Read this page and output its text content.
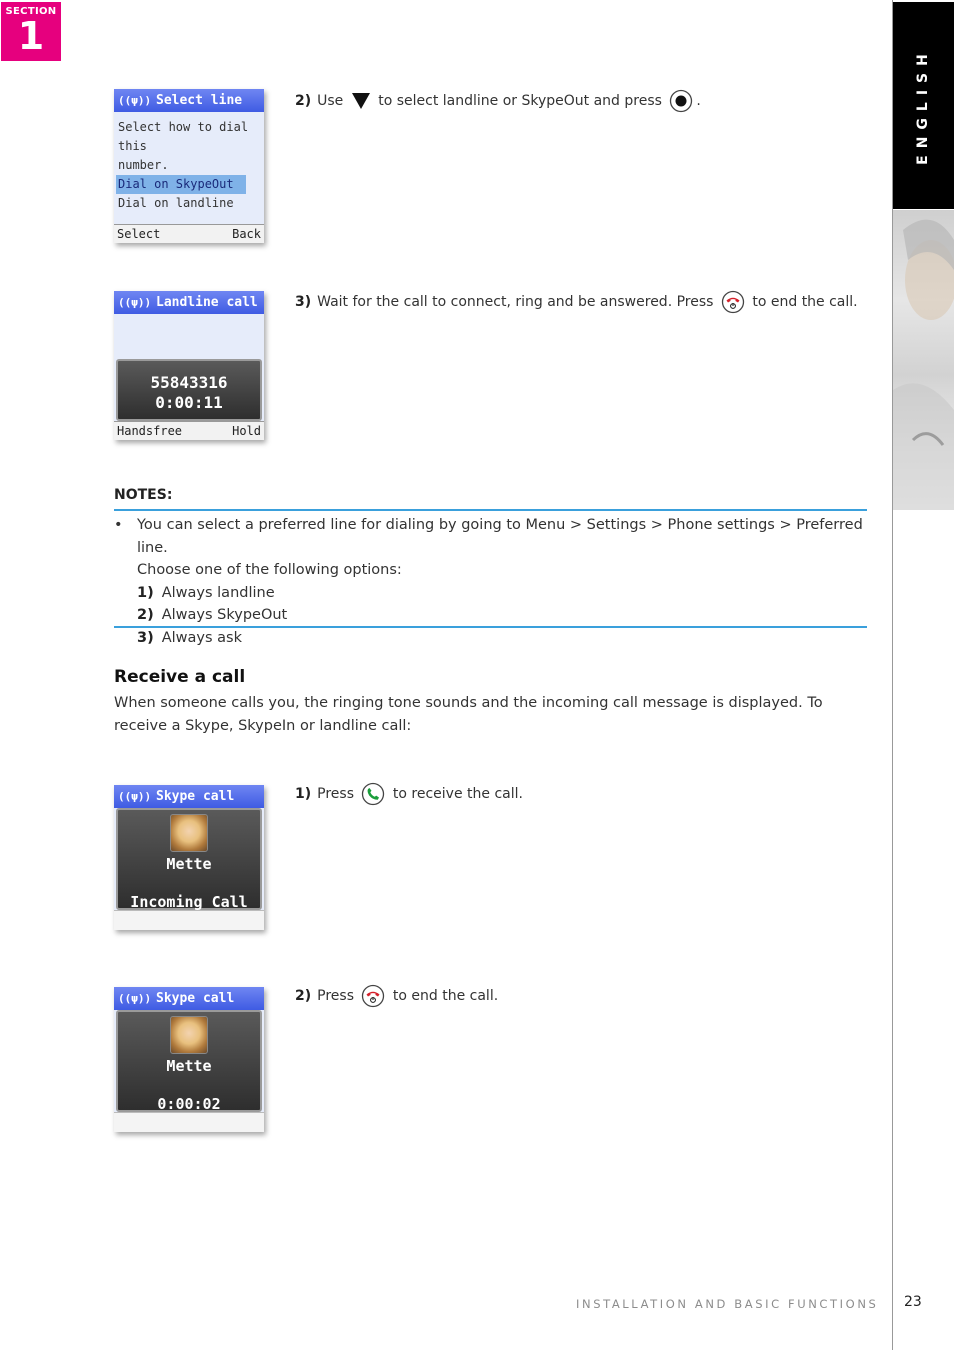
SECTION
1
ENGLISH
((ψ)) Select line
Select how to dial this
number.
Dial on SkypeOut
Dial on landline
Select	Back
2) Use to select landline or SkypeOut and press .
((ψ)) Landline call
55843316
0:00:11
Handsfree	Hold
3) Wait for the call to connect, ring and be answered. Press	to end the call.
NOTES:
• You can select a preferred line for dialing by going to Menu > Settings > Phone settings > Preferred line.
Choose one of the following options:
1) Always landline
2) Always SkypeOut
3) Always ask
Receive a call
When someone calls you, the ringing tone sounds and the incoming call message is displayed. To receive a Skype, SkypeIn or landline call:
((ψ)) Skype call
Mette
Incoming Call
1) Press	to receive the call.
((ψ)) Skype call
Mette
0:00:02
2) Press	to end the call.
INSTALLATION AND BASIC FUNCTIONS 23
